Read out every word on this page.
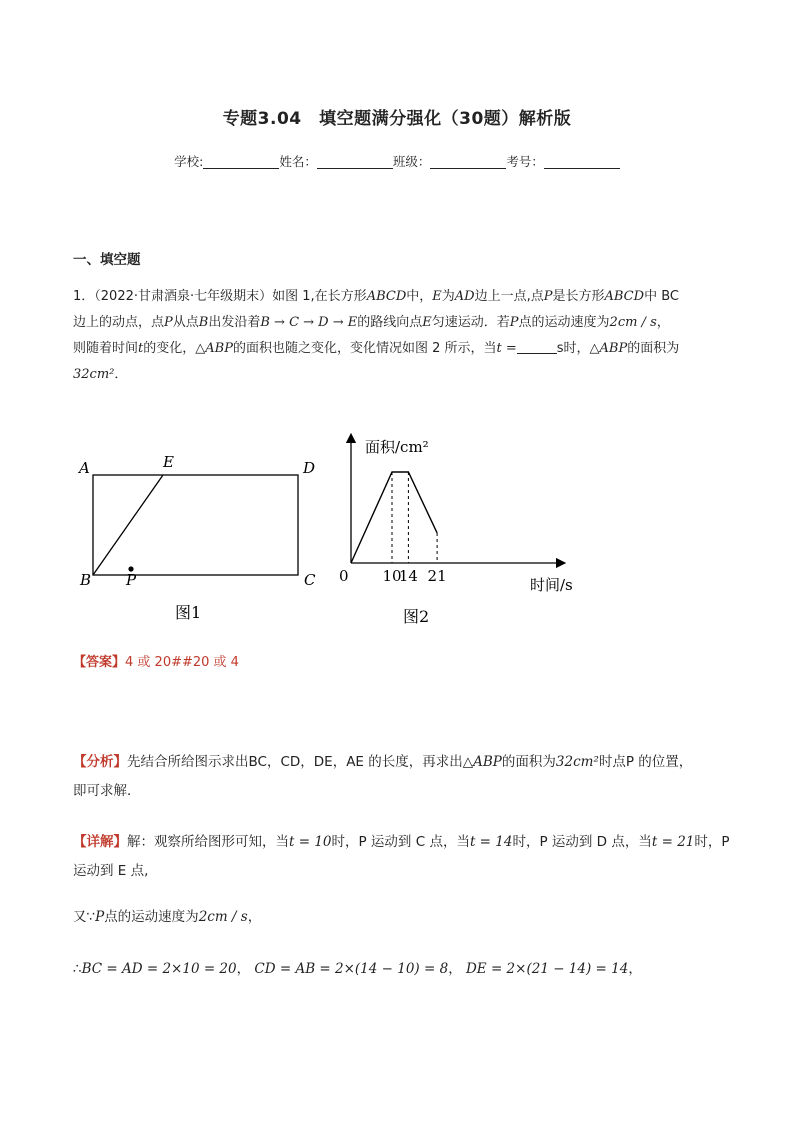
专题3.04　填空题满分强化（30题）解析版
学校:	姓名：	班级：	考号：
一、填空题
1．（2022·甘肃酒泉·七年级期末）如图 1,在长方形ABCD中，E为AD边上一点,点P是长方形ABCD中 BC
边上的动点，点P从点B出发沿着B → C → D → E的路线向点E匀速运动．若P点的运动速度为2cm / s，
则随着时间t的变化，△ABP的面积也随之变化，变化情况如图 2 所示，当t =	s时，△ABP的面积为
32cm²．
A	E	D
B P	C
图1
0 10
14 21
面积/cm²
时间/s
图2
【答案】4 或 20##20 或 4
【分析】先结合所给图示求出BC，CD，DE，AE 的长度，再求出△ABP的面积为32cm²时点P 的位置，
即可求解．
【详解】解：观察所给图形可知，当t = 10时，P 运动到 C 点，当t = 14时，P 运动到 D 点，当t = 21时，P
运动到 E 点,
又∵P点的运动速度为2cm / s，
∴BC = AD = 2×10 = 20， CD = AB = 2×(14 − 10) = 8， DE = 2×(21 − 14) = 14，
